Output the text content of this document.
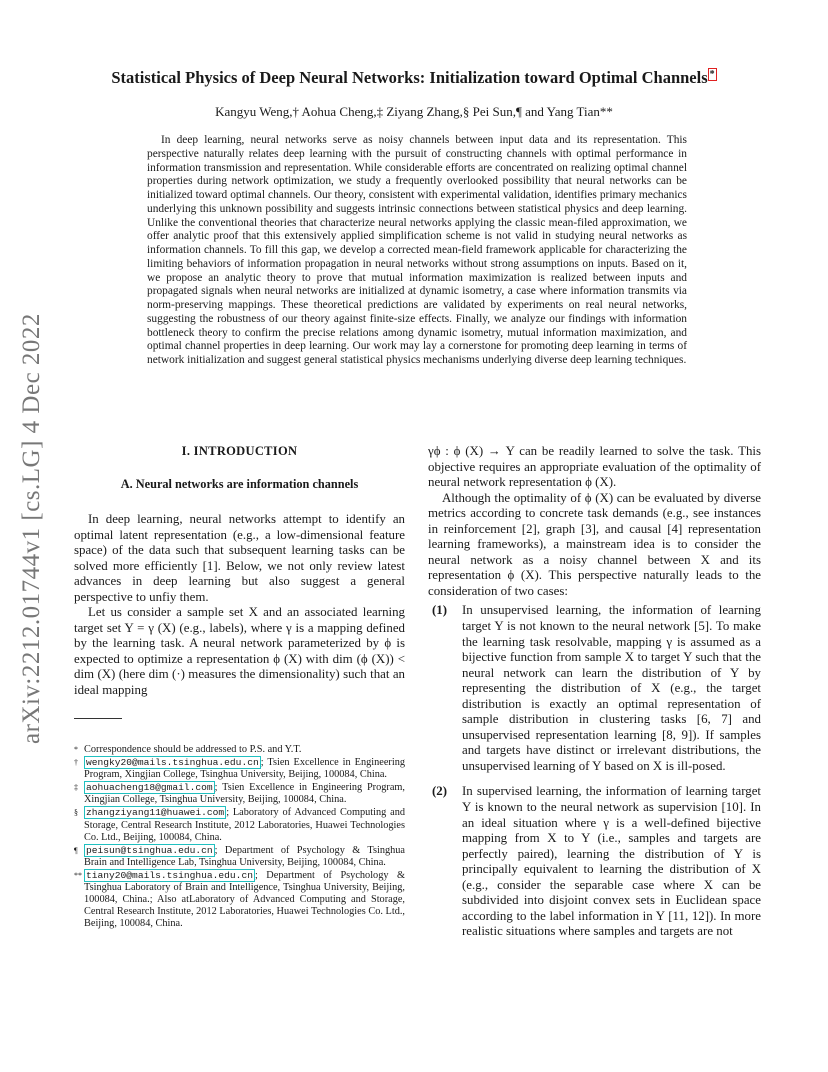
arXiv:2212.01744v1 [cs.LG] 4 Dec 2022
Statistical Physics of Deep Neural Networks: Initialization toward Optimal Channels *
Kangyu Weng,† Aohua Cheng,‡ Ziyang Zhang,§ Pei Sun,¶ and Yang Tian**

In deep learning, neural networks serve as noisy channels between input data and its representation. This perspective naturally relates deep learning with the pursuit of constructing channels with optimal performance in information transmission and representation. While considerable efforts are concentrated on realizing optimal channel properties during network optimization, we study a frequently overlooked possibility that neural networks can be initialized toward optimal channels. Our theory, consistent with experimental validation, identifies primary mechanics underlying this unknown possibility and suggests intrinsic connections between statistical physics and deep learning. Unlike the conventional theories that characterize neural networks applying the classic mean-filed approximation, we offer analytic proof that this extensively applied simplification scheme is not valid in studying neural networks as information channels. To fill this gap, we develop a corrected mean-field framework applicable for characterizing the limiting behaviors of information propagation in neural networks without strong assumptions on inputs. Based on it, we propose an analytic theory to prove that mutual information maximization is realized between inputs and propagated signals when neural networks are initialized at dynamic isometry, a case where information transmits via norm-preserving mappings. These theoretical predictions are validated by experiments on real neural networks, suggesting the robustness of our theory against finite-size effects. Finally, we analyze our findings with information bottleneck theory to confirm the precise relations among dynamic isometry, mutual information maximization, and optimal channel properties in deep learning. Our work may lay a cornerstone for promoting deep learning in terms of network initialization and suggest general statistical physics mechanisms underlying diverse deep learning techniques.

I. INTRODUCTION
A. Neural networks are information channels

In deep learning, neural networks attempt to identify an optimal latent representation (e.g., a low-dimensional feature space) of the data such that subsequent learning tasks can be solved more efficiently [1]. Below, we not only review latest advances in deep learning but also suggest a general perspective to unfiy them.

Let us consider a sample set X and an associated learning target set Y = γ (X) (e.g., labels), where γ is a mapping defined by the learning task. A neural network parameterized by ϕ is expected to optimize a representation ϕ (X) with dim (ϕ (X)) < dim (X) (here dim (·) measures the dimensionality) such that an ideal mapping

* Correspondence should be addressed to P.S. and Y.T.

† wengky20@mails.tsinghua.edu.cn ; Tsien Excellence in Engineering Program, Xingjian College, Tsinghua University, Beijing, 100084, China.

‡ aohuacheng18@gmail.com ; Tsien Excellence in Engineering Program, Xingjian College, Tsinghua University, Beijing, 100084, China.

§ zhangziyang11@huawei.com ; Laboratory of Advanced Computing and Storage, Central Research Institute, 2012 Laboratories, Huawei Technologies Co. Ltd., Beijing, 100084, China.

¶ peisun@tsinghua.edu.cn ; Department of Psychology & Tsinghua Brain and Intelligence Lab, Tsinghua University, Beijing, 100084, China.

** tiany20@mails.tsinghua.edu.cn ; Department of Psychology & Tsinghua Laboratory of Brain and Intelligence, Tsinghua University, Beijing, 100084, China.; Also atLaboratory of Advanced Computing and Storage, Central Research Institute, 2012 Laboratories, Huawei Technologies Co. Ltd., Beijing, 100084, China.

γϕ : ϕ (X) → Y can be readily learned to solve the task. This objective requires an appropriate evaluation of the optimality of neural network representation ϕ (X).

Although the optimality of ϕ (X) can be evaluated by diverse metrics according to concrete task demands (e.g., see instances in reinforcement [2], graph [3], and causal [4] representation learning frameworks), a mainstream idea is to consider the neural network as a noisy channel between X and its representation ϕ (X). This perspective naturally leads to the consideration of two cases:

(1) In unsupervised learning, the information of learning target Y is not known to the neural network [5]. To make the learning task resolvable, mapping γ is assumed as a bijective function from sample X to target Y such that the neural network can learn the distribution of Y by representing the distribution of X (e.g., the target distribution is exactly an optimal representation of sample distribution in clustering tasks [6, 7] and unsupervised representation learning [8, 9]). If samples and targets have distinct or irrelevant distributions, the unsupervised learning of Y based on X is ill-posed.
(2) In supervised learning, the information of learning target Y is known to the neural network as supervision [10]. In an ideal situation where γ is a well-defined bijective mapping from X to Y (i.e., samples and targets are perfectly paired), learning the distribution of Y is principally equivalent to learning the distribution of X (e.g., consider the separable case where X can be subdivided into disjoint convex sets in Euclidean space according to the label information in Y [11, 12]). In more realistic situations where samples and targets are not
